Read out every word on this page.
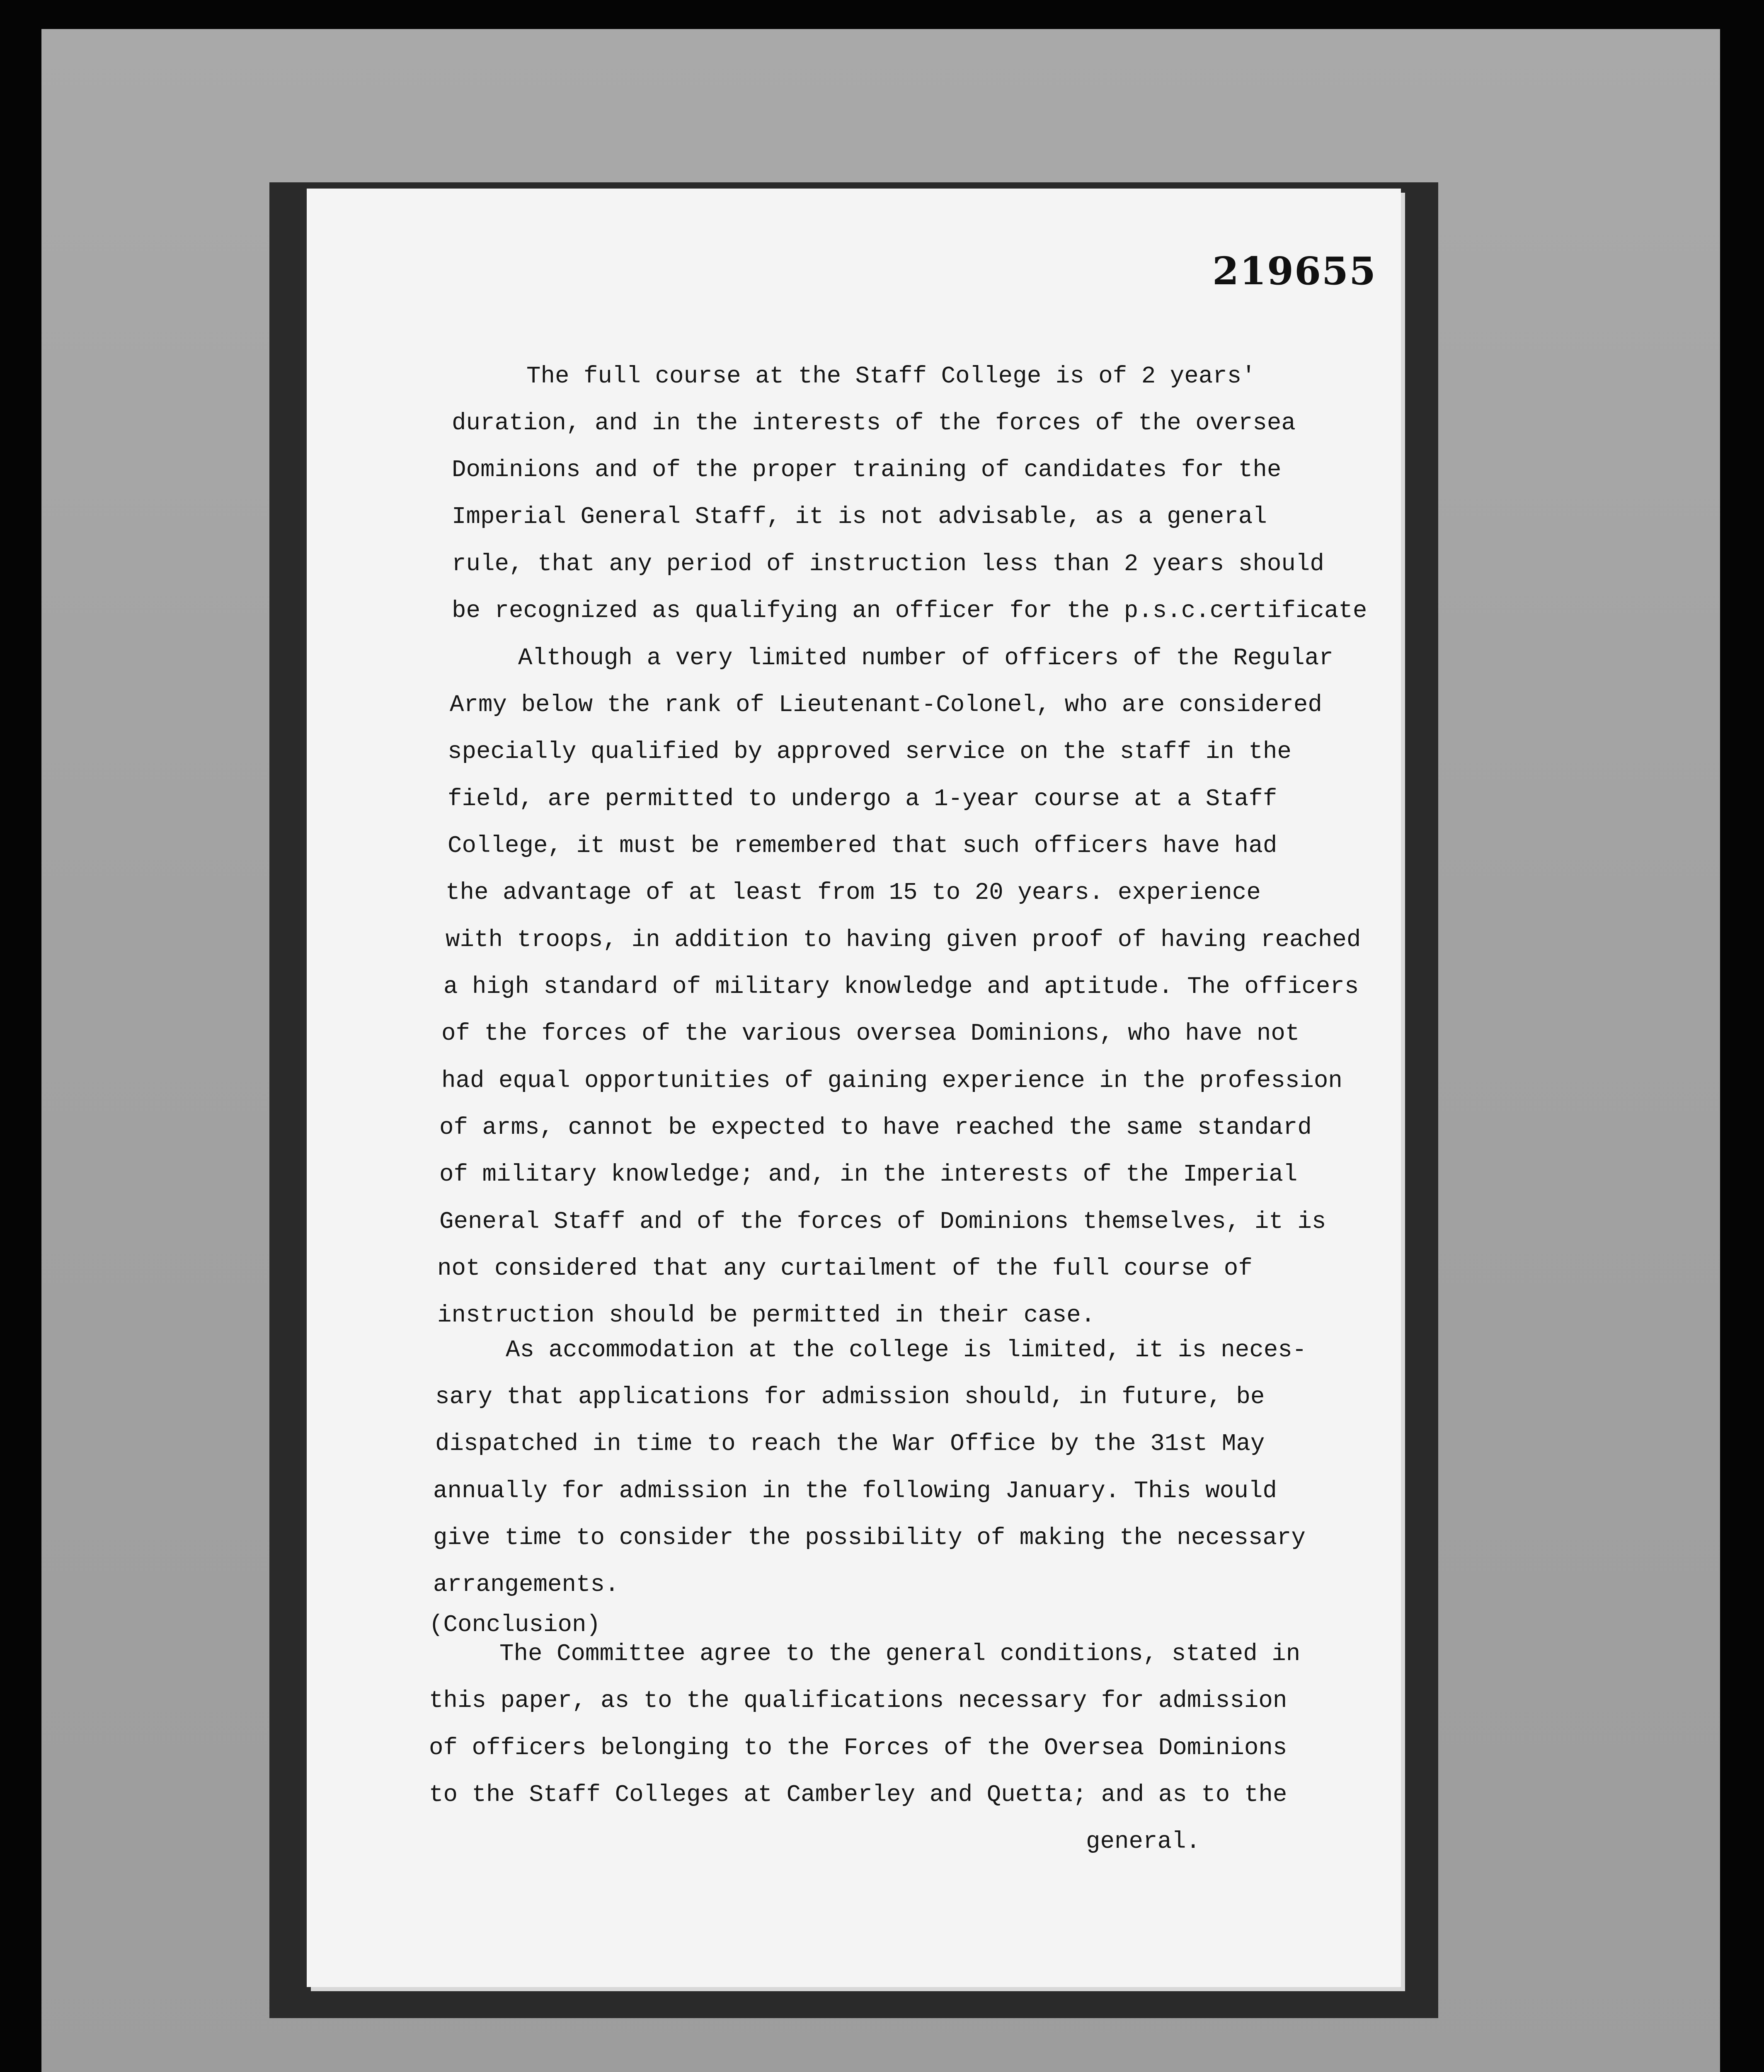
219655
The full course at the Staff College is of 2 years'
duration, and in the interests of the forces of the oversea
Dominions and of the proper training of candidates for the
Imperial General Staff, it is not advisable, as a general
rule, that any period of instruction less than 2 years should
be recognized as qualifying an officer for the p.s.c.certificate
Although a very limited number of officers of the Regular
Army below the rank of Lieutenant-Colonel, who are considered
specially qualified by approved service on the staff in the
field, are permitted to undergo a 1-year course at a Staff
College, it must be remembered that such officers have had
the advantage of at least from 15 to 20 years. experience
with troops, in addition to having given proof of having reached
a high standard of military knowledge and aptitude. The officers
of the forces of the various oversea Dominions, who have not
had equal opportunities of gaining experience in the profession
of arms, cannot be expected to have reached the same standard
of military knowledge; and, in the interests of the Imperial
General Staff and of the forces of Dominions themselves, it is
not considered that any curtailment of the full course of
instruction should be permitted in their case.
As accommodation at the college is limited, it is neces-
sary that applications for admission should, in future, be
dispatched in time to reach the War Office by the 31st May
annually for admission in the following January. This would
give time to consider the possibility of making the necessary
arrangements.
(Conclusion)
The Committee agree to the general conditions, stated in
this paper, as to the qualifications necessary for admission
of officers belonging to the Forces of the Oversea Dominions
to the Staff Colleges at Camberley and Quetta; and as to the
general.
